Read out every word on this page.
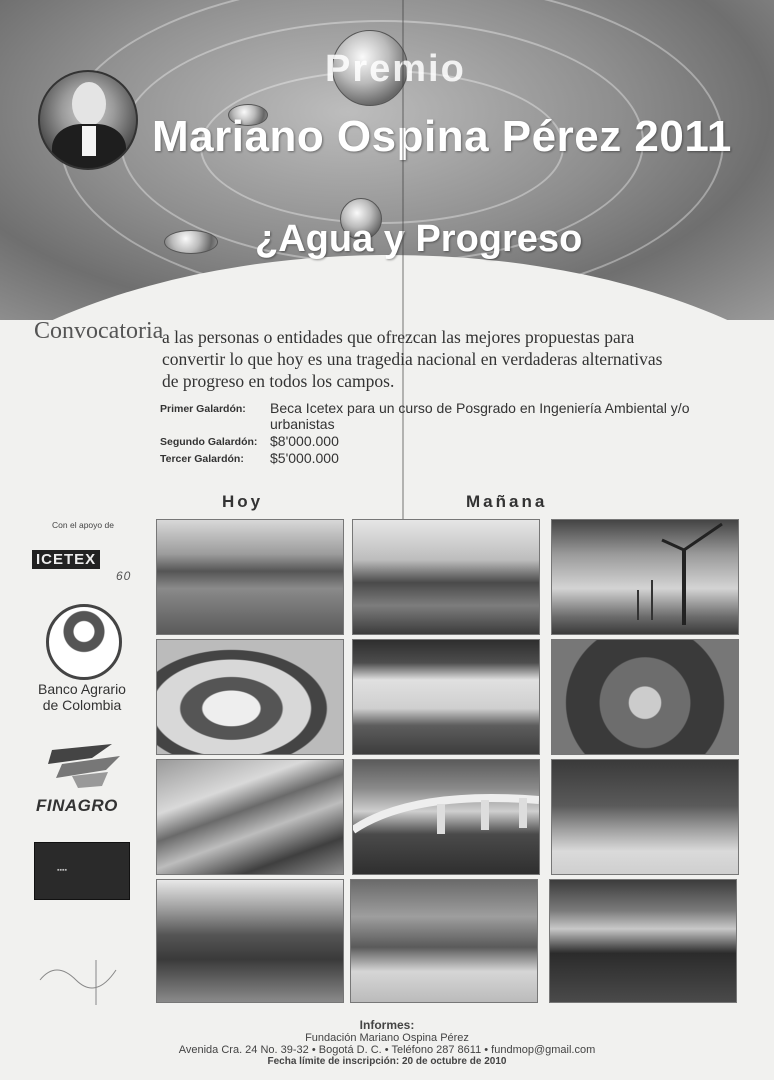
Premio
Mariano Ospina Pérez 2011
¿Agua y Progreso
Convocatoria
a las personas o entidades que ofrezcan las mejores propuestas para convertir lo que hoy es una tragedia nacional en verdaderas alternativas de progreso en todos los campos.
Primer Galardón:	Beca Icetex para un curso de Posgrado en Ingeniería Ambiental y/o urbanistas
Segundo Galardón: $8'000.000
Tercer Galardón:	$5'000.000
Hoy	Mañana
Con el apoyo de
ICETEX
60
Banco Agrario de Colombia
FINAGRO
▪▪▪▪
Informes:
Fundación Mariano Ospina Pérez
Avenida Cra. 24 No. 39-32 • Bogotá D. C. • Teléfono 287 8611 • fundmop@gmail.com
Fecha límite de inscripción: 20 de octubre de 2010
